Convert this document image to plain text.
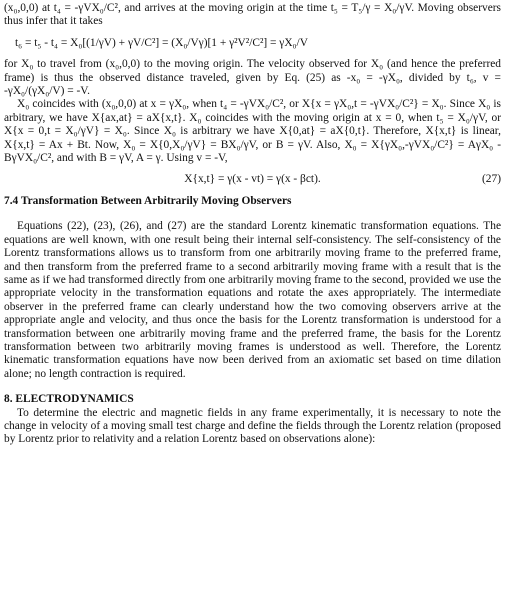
(x₀,0,0) at t₄ = -γVX₀/C², and arrives at the moving origin at the time t₅ = T₅/γ = X₀/γV. Moving observers thus infer that it takes

t₆ = t₅ - t₄ = X₀[(1/γV) + γV/C²] = (X₀/Vγ)[1 + γ²V²/C²] = γX₀/V

for X₀ to travel from (x₀,0,0) to the moving origin. The velocity observed for X₀ (and hence the preferred frame) is thus the observed distance traveled, given by Eq. (25) as -x₀ = -γX₀, divided by t₆, v = -γX₀/(γX₀/V) = -V.

X₀ coincides with (x₀,0,0) at x = γX₀, when t₄ = -γVX₀/C², or X{x = γX₀,t = -γVX₀/C²} = X₀. Since X₀ is arbitrary, we have X{ax,at} = aX{x,t}. X₀ coincides with the moving origin at x = 0, when t₅ = X₀/γV, or X{x = 0,t = X₀/γV} = X₀. Since X₀ is arbitrary we have X{0,at} = aX{0,t}. Therefore, X{x,t} is linear, X{x,t} = Ax + Bt. Now, X₀ = X{0,X₀/γV} = BX₀/γV, or B = γV. Also, X₀ = X{γX₀,-γVX₀/C²} = AγX₀ - BγVX₀/C², and with B = γV, A = γ. Using v = -V,

X{x,t} = γ(x - vt) = γ(x - βct).	(27)

7.4 Transformation Between Arbitrarily Moving Observers

Equations (22), (23), (26), and (27) are the standard Lorentz kinematic transformation equations. The equations are well known, with one result being their internal self-consistency. The self-consistency of the Lorentz transformations allows us to transform from one arbitrarily moving frame to the preferred frame, and then transform from the preferred frame to a second arbitrarily moving frame with a result that is the same as if we had transformed directly from one arbitrarily moving frame to the second, provided we use the appropriate velocity in the transformation equations and rotate the axes appropriately. The intermediate observer in the preferred frame can clearly understand how the two comoving observers arrive at the appropriate angle and velocity, and thus once the basis for the Lorentz transformation is understood for a transformation between one arbitrarily moving frame and the preferred frame, the basis for the Lorentz transformation between two arbitrarily moving frames is understood as well. Therefore, the Lorentz kinematic transformation equations have now been derived from an axiomatic set based on time dilation alone; no length contraction is required.

8. ELECTRODYNAMICS

To determine the electric and magnetic fields in any frame experimentally, it is necessary to note the change in velocity of a moving small test charge and define the fields through the Lorentz relation (proposed by Lorentz prior to relativity and a relation Lorentz based on observations alone):
